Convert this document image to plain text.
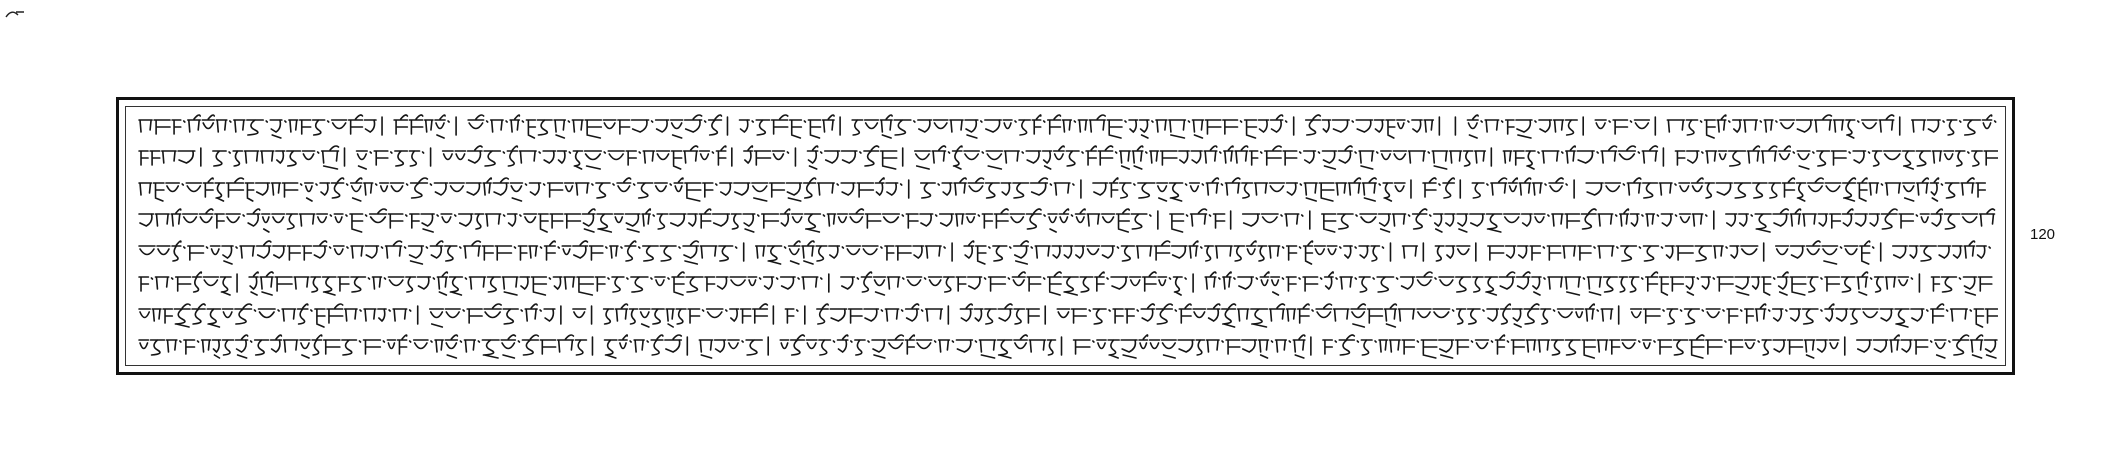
120
